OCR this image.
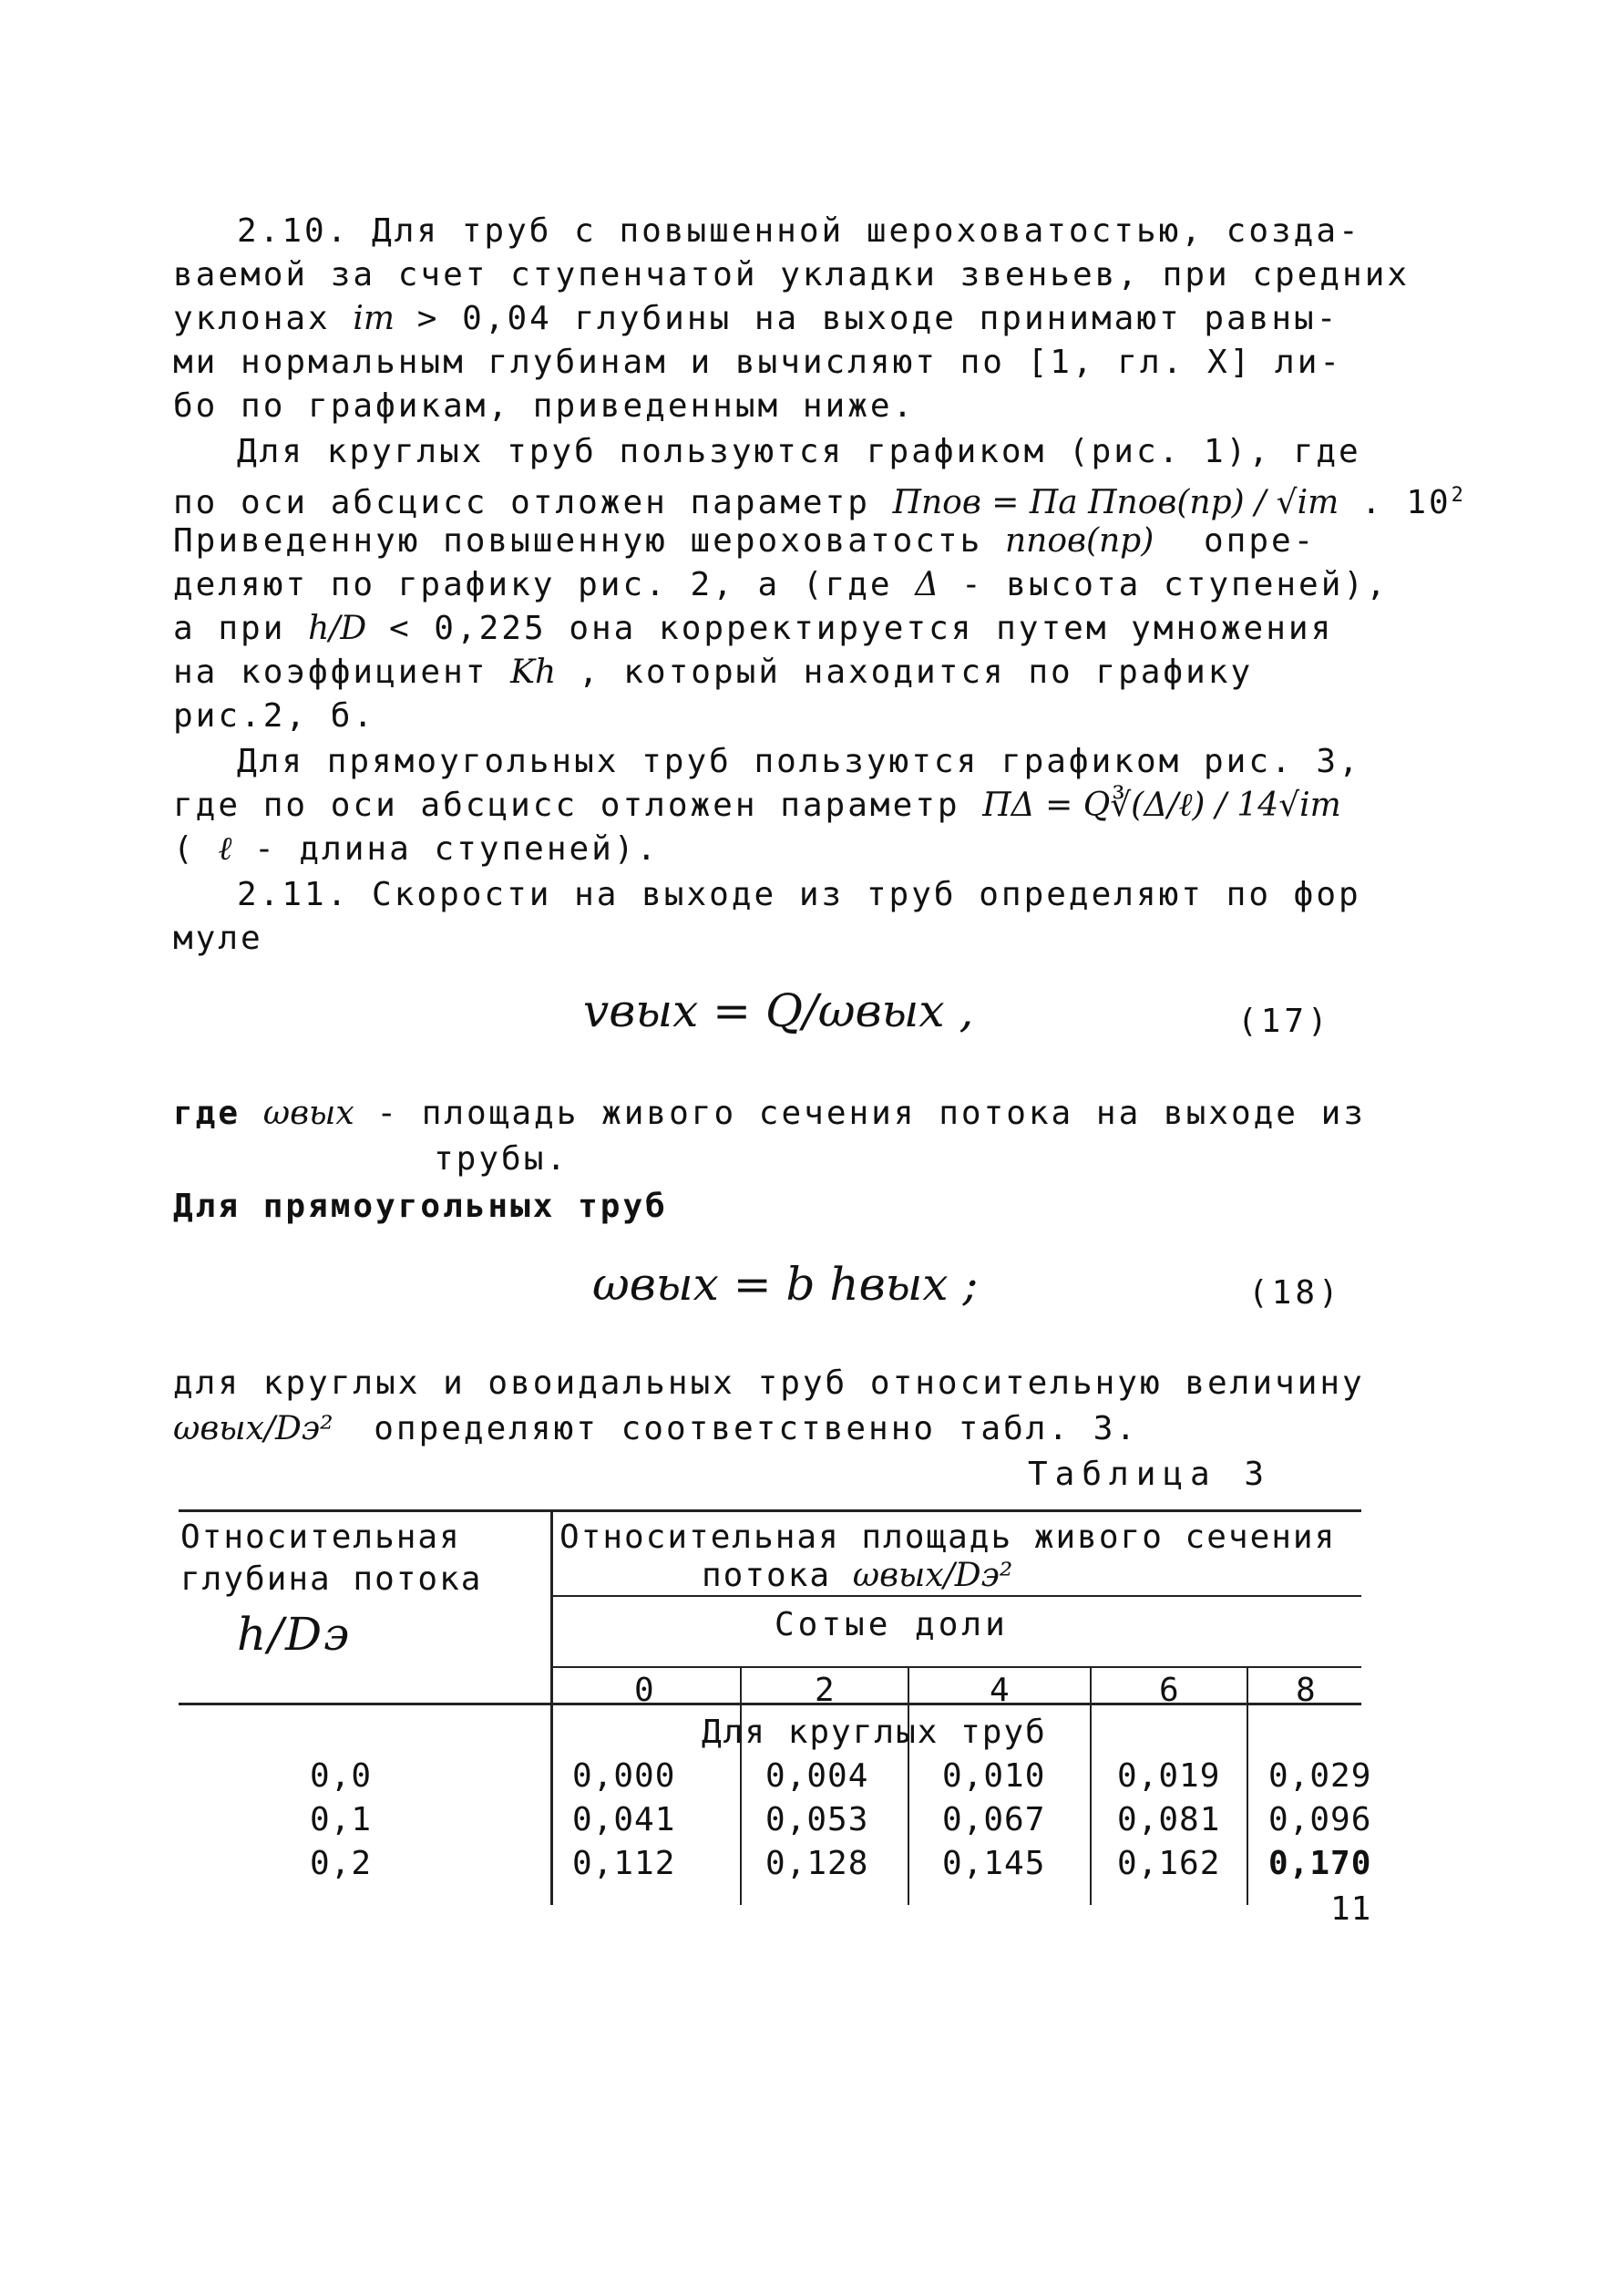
2.10. Для труб с повышенной шероховатостью, созда-
ваемой за счет ступенчатой укладки звеньев, при средних
уклонах iт > 0,04 глубины на выходе принимают равны-
ми нормальным глубинам и вычисляют по [1, гл. X] ли-
бо по графикам, приведенным ниже.
Для круглых труб пользуются графиком (рис. 1), где
по оси абсцисс отложен параметр Ппов = Пa Ппов(пр) / √iт . $10^2$
Приведенную повышенную шероховатость nпов(пр) опре-
деляют по графику рис. 2, а (где Δ - высота ступеней),
а при h/D < 0,225 она корректируется путем умножения
на коэффициент Kh , который находится по графику
рис.2, б.
Для прямоугольных труб пользуются графиком рис. 3,
где по оси абсцисс отложен параметр ПΔ = Q∛(Δ/ℓ) / 14√iт
( ℓ - длина ступеней).
2.11. Скорости на выходе из труб определяют по фор
муле
vвых = Q/ωвых ,	(17)
где ωвых - площадь живого сечения потока на выходе из
трубы.
Для прямоугольных труб
ωвых = b hвых ;	(18)
для круглых и овоидальных труб относительную величину
ωвых/Dэ² определяют соответственно табл. 3.
Таблица 3
Относительная
глубина потока
h/Dэ
Относительная площадь живого сечения
потока ωвых/Dэ²
Сотые доли
0	2	4	6	8
Для круглых труб
0,0	0,000	0,004 0,010 0,019 0,029
0,1	0,041	0,053 0,067 0,081 0,096
0,2	0,112	0,128 0,145 0,162 0,170
11
